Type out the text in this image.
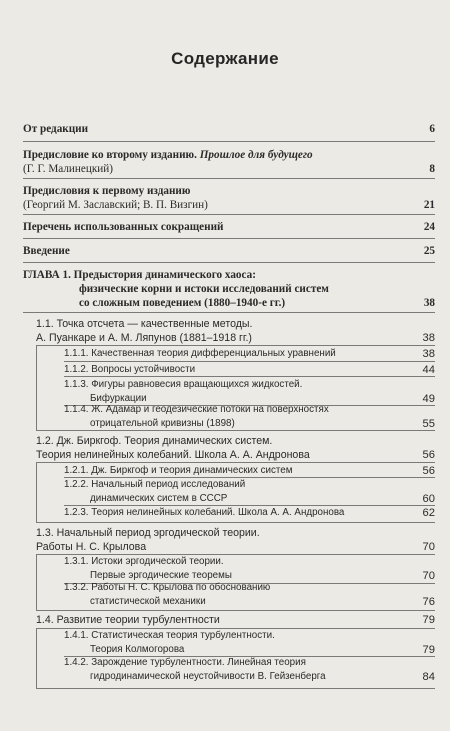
Содержание
От редакции	6
Предисловие ко второму изданию. Прошлое для будущего
(Г. Г. Малинецкий)	8
Предисловия к первому изданию
(Георгий М. Заславский; В. П. Визгин)	21
Перечень использованных сокращений	24
Введение	25
ГЛАВА 1. Предыстория динамического хаоса:
физические корни и истоки исследований систем
со сложным поведением (1880–1940-е гг.)	38
1.1. Точка отсчета — качественные методы.
А. Пуанкаре и А. М. Ляпунов (1881–1918 гг.)	38
1.1.1. Качественная теория дифференциальных уравнений	38
1.1.2. Вопросы устойчивости	44
1.1.3. Фигуры равновесия вращающихся жидкостей.
Бифуркации	49
1.1.4. Ж. Адамар и геодезические потоки на поверхностях
отрицательной кривизны (1898)	55
1.2. Дж. Биркгоф. Теория динамических систем.
Теория нелинейных колебаний. Школа А. А. Андронова	56
1.2.1. Дж. Биркгоф и теория динамических систем	56
1.2.2. Начальный период исследований
динамических систем в СССР	60
1.2.3. Теория нелинейных колебаний. Школа А. А. Андронова	62
1.3. Начальный период эргодической теории.
Работы Н. С. Крылова	70
1.3.1. Истоки эргодической теории.
Первые эргодические теоремы	70
1.3.2. Работы Н. С. Крылова по обоснованию
статистической механики	76
1.4. Развитие теории турбулентности	79
1.4.1. Статистическая теория турбулентности.
Теория Колмогорова	79
1.4.2. Зарождение турбулентности. Линейная теория
гидродинамической неустойчивости В. Гейзенберга	84
